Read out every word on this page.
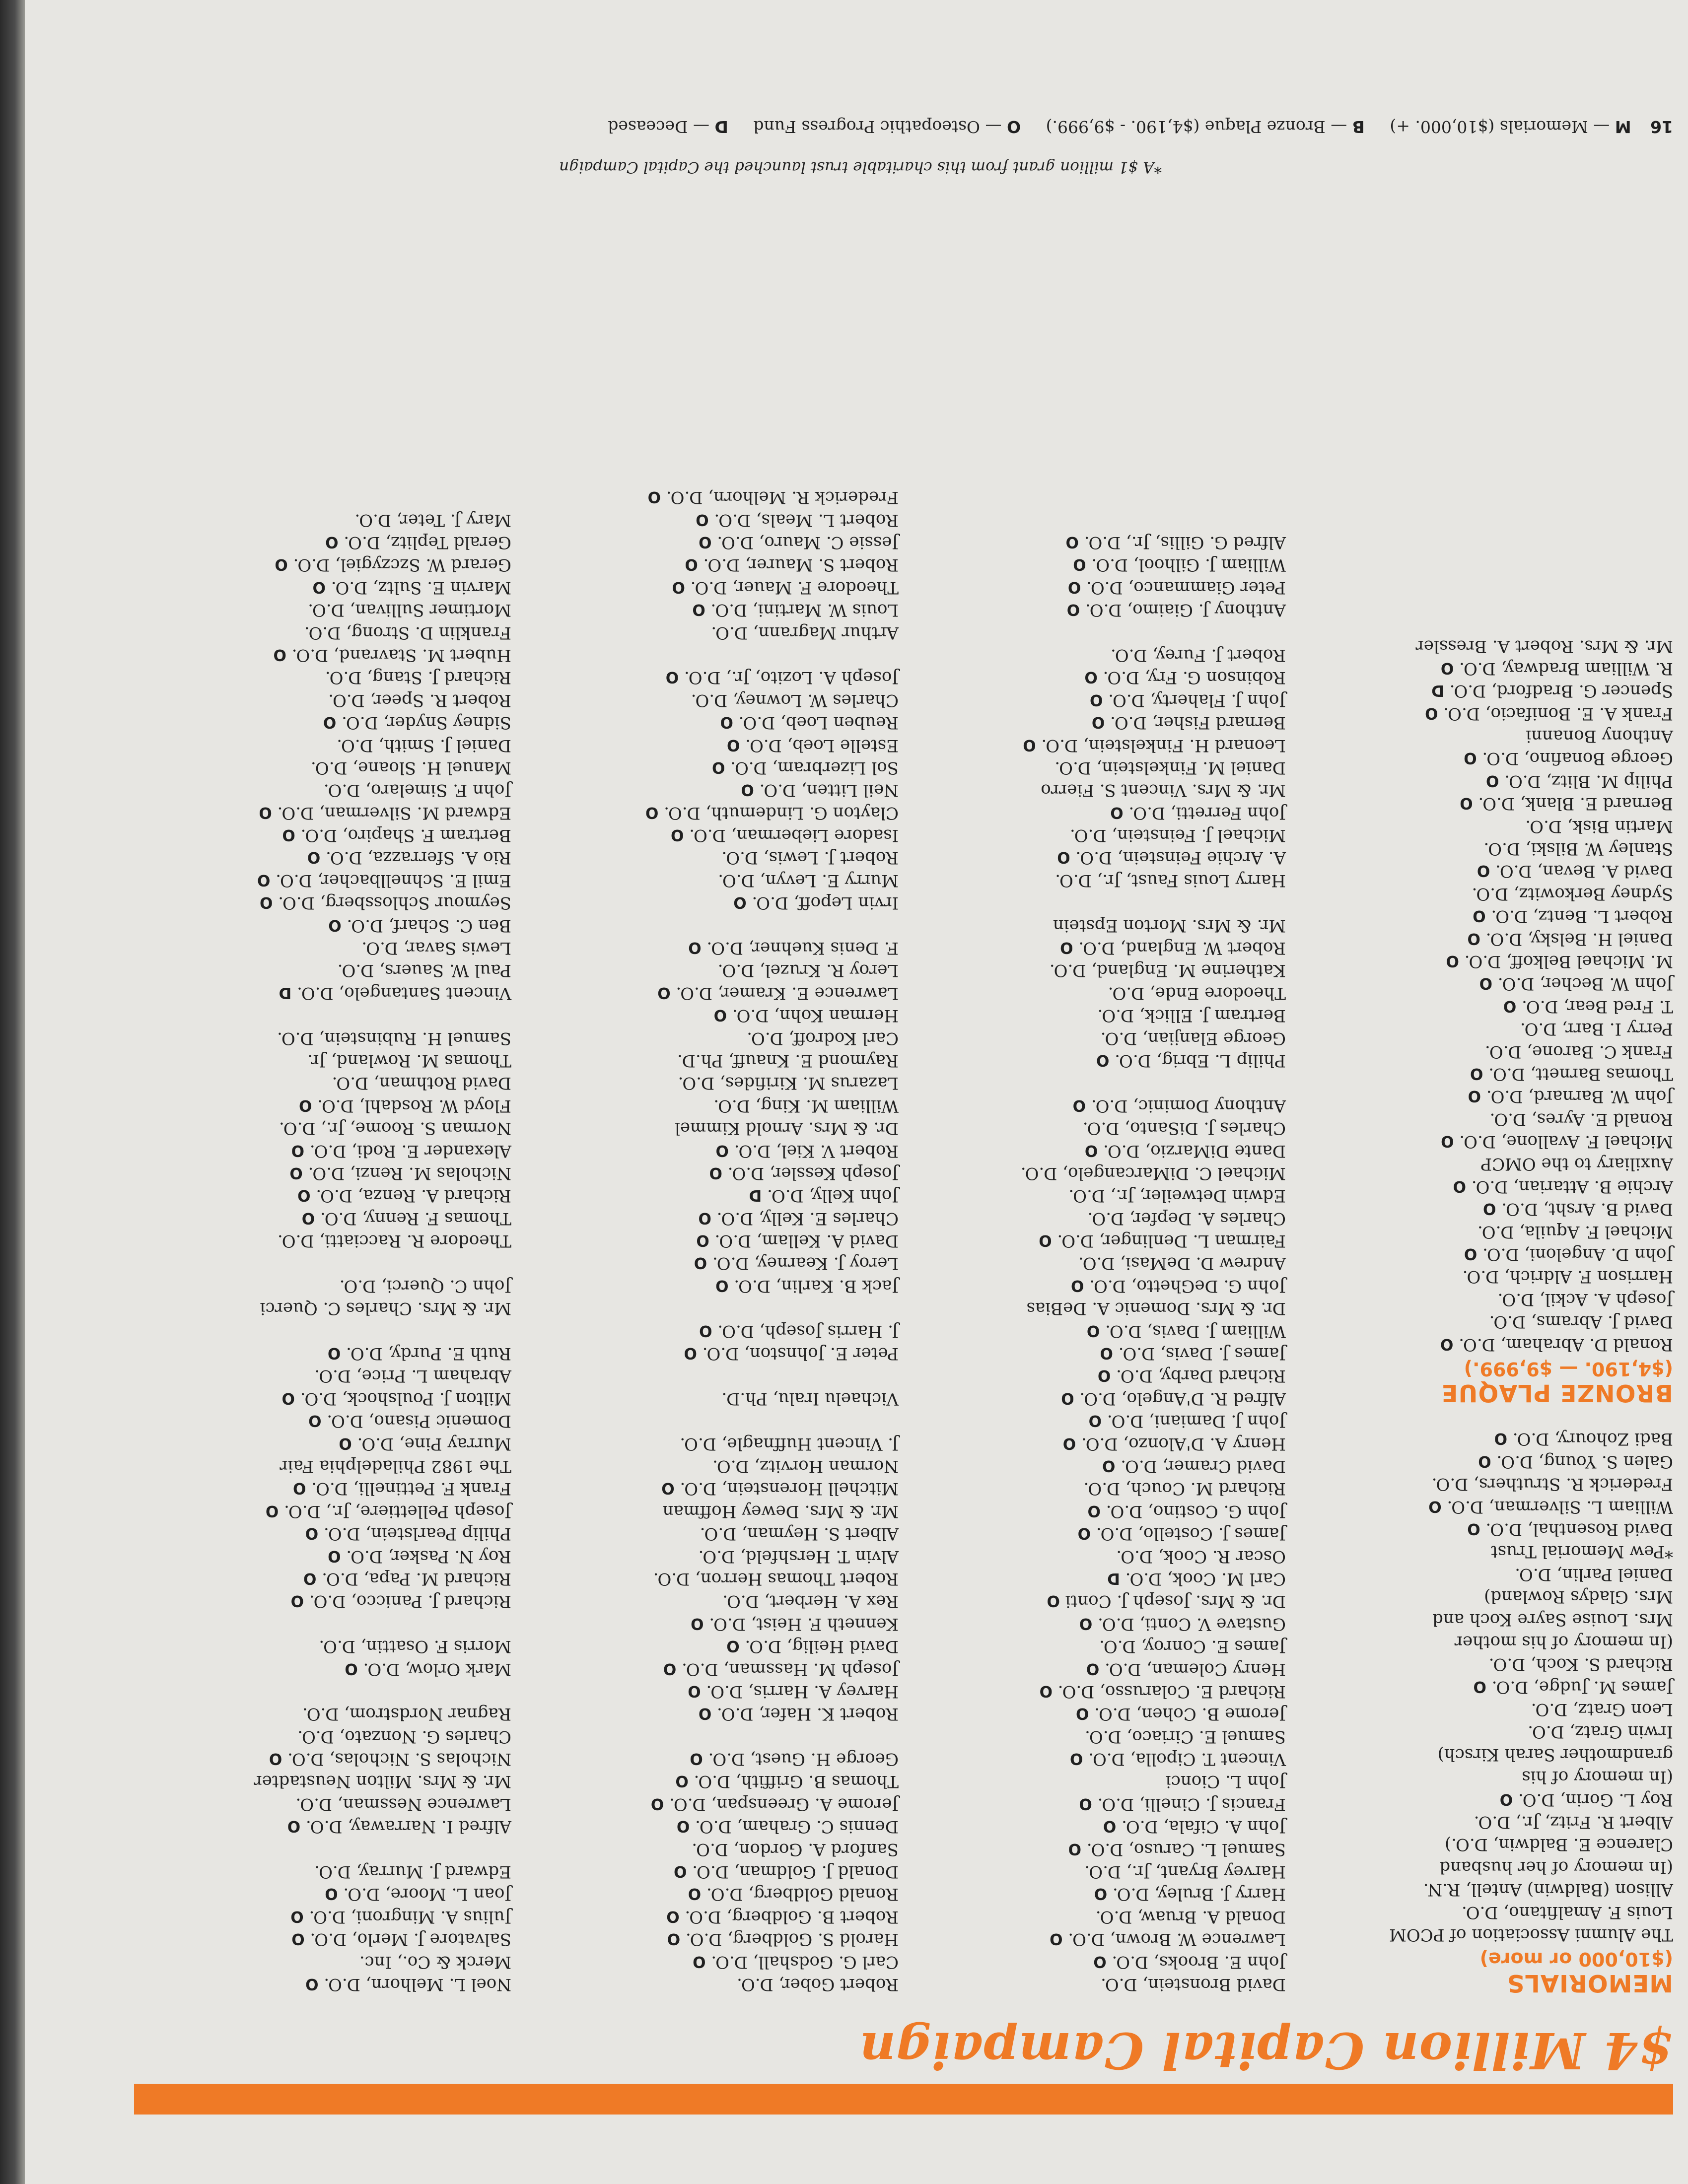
$4 Million Capital Campaign
MEMORIALS
($10,000 or more)
The Alumni Association of PCOM
Louis F. Amalfitano, D.O.
Allison (Baldwin) Antell, R.N.
(In memory of her husband
Clarence E. Baldwin, D.O.)
Albert R. Fritz, Jr., D.O.
Roy L. Gorin, D.O. O
(In memory of his
grandmother Sarah Kirsch)
Irwin Gratz, D.O.
Leon Gratz, D.O.
James M. Judge, D.O. O
Richard S. Koch, D.O.
(In memory of his mother
Mrs. Louise Sayre Koch and
Mrs. Gladys Rowland)
Daniel Parlin, D.O.
*Pew Memorial Trust
David Rosenthal, D.O. O
William L. Silverman, D.O. O
Frederick R. Struthers, D.O.
Galen S. Young, D.O. O
Badi Zohoury, D.O. O
BRONZE PLAQUE
($4,190. — $9,999.)
Ronald D. Abraham, D.O. O
David J. Abrams, D.O.
Joseph A. Ackil, D.O.
Harrison F. Aldrich, D.O.
John D. Angeloni, D.O. O
Michael F. Aquila, D.O.
David B. Arsht, D.O. O
Archie B. Attarian, D.O. O
Auxiliary to the OMCP
Michael F. Avallone, D.O. O
Ronald E. Ayres, D.O.
John W. Barnard, D.O. O
Thomas Barnett, D.O. O
Frank C. Barone, D.O.
Perry I. Barr, D.O.
T. Fred Bear, D.O. O
John W. Becher, D.O. O
M. Michael Belkoff, D.O. O
Daniel H. Belsky, D.O. O
Robert L. Bentz, D.O. O
Sydney Berkowitz, D.O.
David A. Bevan, D.O. O
Stanley W. Bilski, D.O.
Martin Bisk, D.O.
Bernard E. Blank, D.O. O
Philip M. Blitz, D.O. O
George Bonafino, D.O. O
Anthony Bonanni
Frank A. E. Bonifacio, D.O. O
Spencer G. Bradford, D.O. D
R. William Bradway, D.O. O
Mr. & Mrs. Robert A. Bressler
David Bronstein, D.O.
John E. Brooks, D.O. O
Lawrence W. Brown, D.O. O
Donald A. Bruaw, D.O.
Harry J. Bruley, D.O. O
Harvey Bryant, Jr., D.O.
Samuel L. Caruso, D.O. O
John A. Cifala, D.O. O
Francis J. Cinelli, D.O. O
John L. Cionci
Vincent T. Cipolla, D.O. O
Samuel E. Ciriaco, D.O.
Jerome B. Cohen, D.O. O
Richard E. Colarusso, D.O. O
Henry Coleman, D.O. O
James E. Conroy, D.O.
Gustave V. Conti, D.O. O
Dr. & Mrs. Joseph J. Conti O
Carl M. Cook, D.O. D
Oscar R. Cook, D.O.
James J. Costello, D.O. O
John G. Costino, D.O. O
Richard M. Couch, D.O.
David Cramer, D.O. O
Henry A. D'Alonzo, D.O. O
John J. Damiani, D.O. O
Alfred R. D'Angelo, D.O. O
Richard Darby, D.O. O
James J. Davis, D.O. O
William J. Davis, D.O. O
Dr. & Mrs. Domenic A. DeBias
John G. DeGhetto, D.O. O
Andrew D. DeMasi, D.O.
Fairman L. Denlinger, D.O. O
Charles A. Depfer, D.O.
Edwin Detweiler, Jr., D.O.
Michael C. DiMarcangelo, D.O.
Dante DiMarzio, D.O. O
Charles J. DiSanto, D.O.
Anthony Dominic, D.O. O
Philip L. Ebrig, D.O. O
George Elanjian, D.O.
Bertram J. Ellick, D.O.
Theodore Ende, D.O.
Katherine M. England, D.O.
Robert W. England, D.O. O
Mr. & Mrs. Morton Epstein
Harry Louis Faust, Jr., D.O.
A. Archie Feinstein, D.O. O
Michael J. Feinstein, D.O.
John Ferretti, D.O. O
Mr. & Mrs. Vincent S. Fierro
Daniel M. Finkelstein, D.O.
Leonard H. Finkelstein, D.O. O
Bernard Fisher, D.O. O
John J. Flaherty, D.O. O
Robinson G. Fry, D.O. O
Robert J. Furey, D.O.
Anthony J. Giaimo, D.O. O
Peter Giammanco, D.O. O
William J. Gilhool, D.O. O
Alfred G. Gillis, Jr., D.O. O
Robert Gober, D.O.
Carl G. Godshall, D.O. O
Harold S. Goldberg, D.O. O
Robert B. Goldberg, D.O. O
Ronald Goldberg, D.O. O
Donald J. Goldman, D.O. O
Sanford A. Gordon, D.O.
Dennis C. Graham, D.O. O
Jerome A. Greenspan, D.O. O
Thomas B. Griffith, D.O. O
George H. Guest, D.O. O
Robert K. Hafer, D.O. O
Harvey A. Harris, D.O. O
Joseph M. Hassman, D.O. O
David Heilig, D.O. O
Kenneth F. Heist, D.O. O
Rex A. Herbert, D.O.
Robert Thomas Herron, D.O.
Alvin T. Hershfeld, D.O.
Albert S. Heyman, D.O.
Mr. & Mrs. Dewey Hoffman
Mitchell Horenstein, D.O. O
Norman Horvitz, D.O.
J. Vincent Huffnagle, D.O.
Vichaelu Iralu, Ph.D.
Peter E. Johnston, D.O. O
J. Harris Joseph, D.O. O
Jack B. Karlin, D.O. O
Leroy J. Kearney, D.O. O
David A. Kellam, D.O. O
Charles E. Kelly, D.O. O
John Kelly, D.O. D
Joseph Kessler, D.O. O
Robert V. Kiel, D.O. O
Dr. & Mrs. Arnold Kimmel
William M. King, D.O.
Lazarus M. Kirifides, D.O.
Raymond E. Knauff, Ph.D.
Carl Kodroff, D.O.
Herman Kohn, D.O. O
Lawrence E. Kramer, D.O. O
Leroy R. Kruzel, D.O.
F. Denis Kuehner, D.O. O
Irvin Lepoff, D.O. O
Murry E. Levyn, D.O.
Robert J. Lewis, D.O.
Isadore Lieberman, D.O. O
Clayton G. Lindemuth, D.O. O
Neil Litten, D.O. O
Sol Lizerbram, D.O. O
Estelle Loeb, D.O. O
Reuben Loeb, D.O. O
Charles W. Lowney, D.O.
Joseph A. Lozito, Jr., D.O. O
Arthur Magrann, D.O.
Louis W. Martini, D.O. O
Theodore F. Mauer, D.O. O
Robert S. Maurer, D.O. O
Jessie C. Mauro, D.O. O
Robert L. Meals, D.O. O
Frederick R. Melhorn, D.O. O
Noel L. Melhorn, D.O. O
Merck & Co., Inc.
Salvatore J. Merlo, D.O. O
Julius A. Mingroni, D.O. O
Joan L. Moore, D.O. O
Edward J. Murray, D.O.
Alfred I. Narraway, D.O. O
Lawrence Nessman, D.O.
Mr. & Mrs. Milton Neustadter
Nicholas S. Nicholas, D.O. O
Charles G. Nonzato, D.O.
Ragnar Nordstrom, D.O.
Mark Orlow, D.O. O
Morris F. Osattin, D.O.
Richard J. Panicco, D.O. O
Richard M. Papa, D.O. O
Roy N. Pasker, D.O. O
Philip Pearlstein, D.O. O
Joseph Pellettiere, Jr., D.O. O
Frank F. Pettinelli, D.O. O
The 1982 Philadelphia Fair
Murray Pine, D.O. O
Domenic Pisano, D.O. O
Milton J. Poulshock, D.O. O
Abraham L. Price, D.O.
Ruth E. Purdy, D.O. O
Mr. & Mrs. Charles C. Querci
John C. Querci, D.O.
Theodore R. Racciatti, D.O.
Thomas F. Renny, D.O. O
Richard A. Renza, D.O. O
Nicholas M. Renzi, D.O. O
Alexander E. Rodi, D.O. O
Norman S. Roome, Jr., D.O.
Floyd W. Rosdahl, D.O. O
David Rothman, D.O.
Thomas M. Rowland, Jr.
Samuel H. Rubinstein, D.O.
Vincent Santangelo, D.O. D
Paul W. Sauers, D.O.
Lewis Savar, D.O.
Ben C. Scharf, D.O. O
Seymour Schlossberg, D.O. O
Emil E. Schnellbacher, D.O. O
Rio A. Sferrazza, D.O. O
Bertram F. Shapiro, D.O. O
Edward M. Silverman, D.O. O
John F. Simelaro, D.O.
Manuel H. Sloane, D.O.
Daniel J. Smith, D.O.
Sidney Snyder, D.O. O
Robert R. Speer, D.O.
Richard J. Stang, D.O.
Hubert M. Stavrand, D.O. O
Franklin D. Strong, D.O.
Mortimer Sullivan, D.O.
Marvin E. Sultz, D.O. O
Gerard W. Szczygiel, D.O. O
Gerald Teplitz, D.O. O
Mary J. Teter, D.O.
*A $1 million grant from this charitable trust launched the Capital Campaign
16 M — Memorials ($10,000. +) B — Bronze Plaque ($4,190. - $9,999.) O — Osteopathic Progress Fund D — Deceased
